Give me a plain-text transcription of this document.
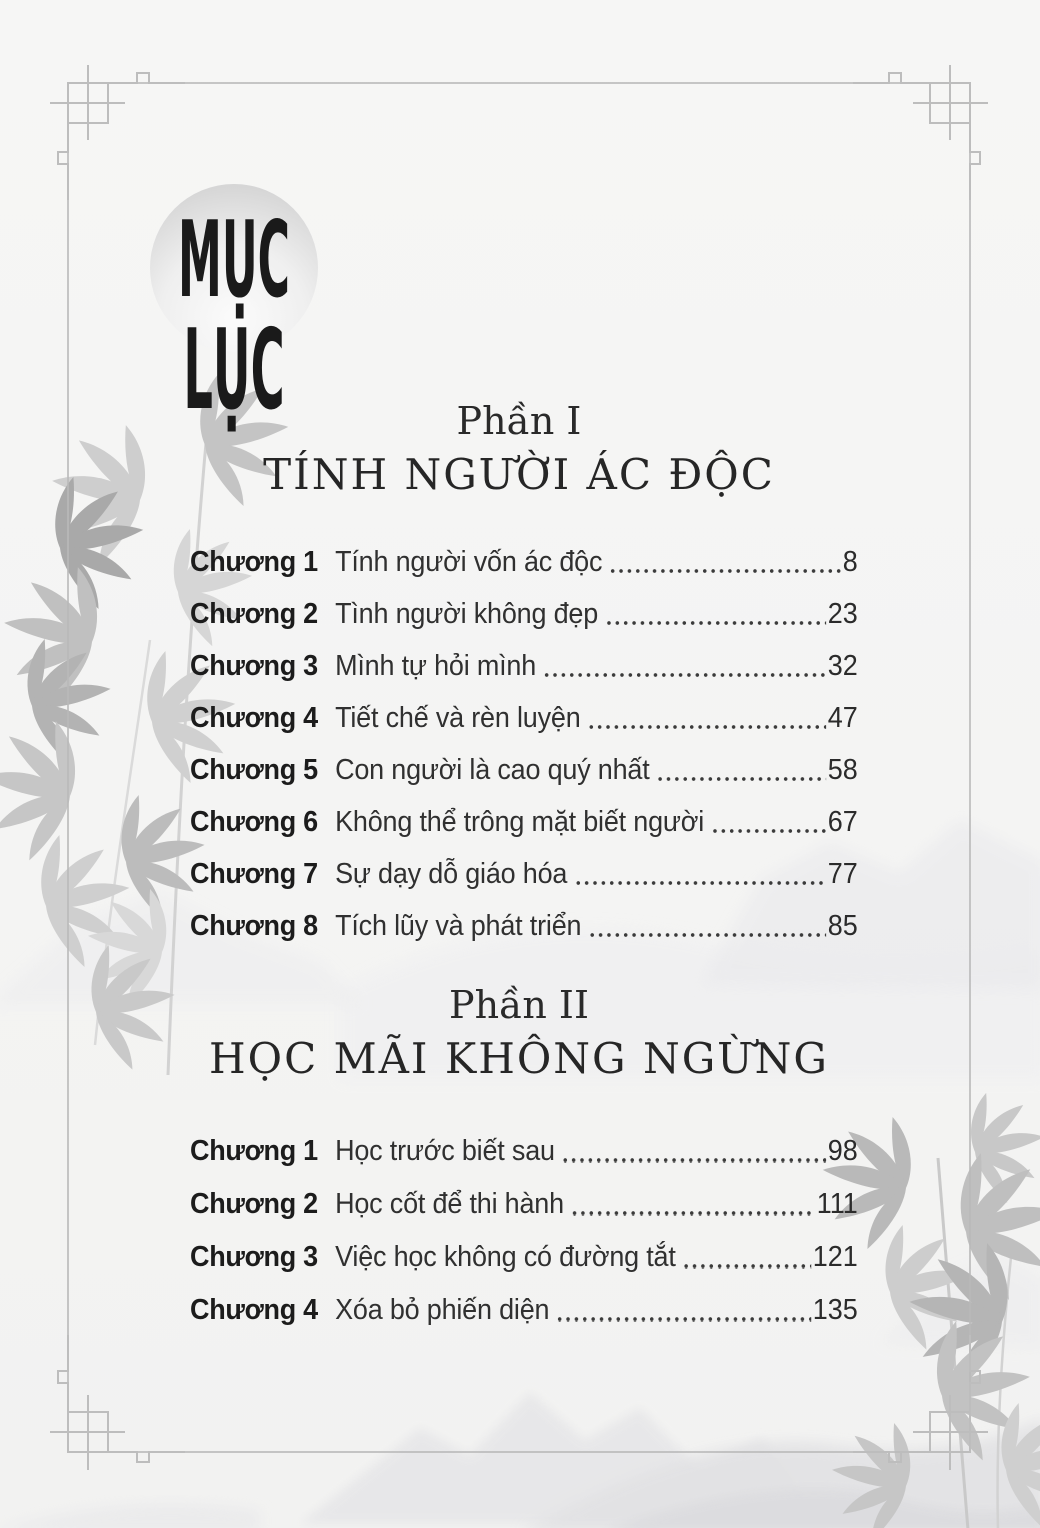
MỤC
LỤC	Phần I
TÍNH NGƯỜI ÁC ĐỘC
Chương 1 Tính người vốn ác độc	8
Chương 2 Tình người không đẹp	23
Chương 3 Mình tự hỏi mình	32
Chương 4 Tiết chế và rèn luyện	47
Chương 5 Con người là cao quý nhất	58
Chương 6 Không thể trông mặt biết người	67
Chương 7 Sự dạy dỗ giáo hóa	77
Chương 8 Tích lũy và phát triển	85
Phần II
HỌC MÃI KHÔNG NGỪNG
Chương 1 Học trước biết sau	98
Chương 2 Học cốt để thi hành	111
Chương 3 Việc học không có đường tắt	121
Chương 4 Xóa bỏ phiến diện	135
